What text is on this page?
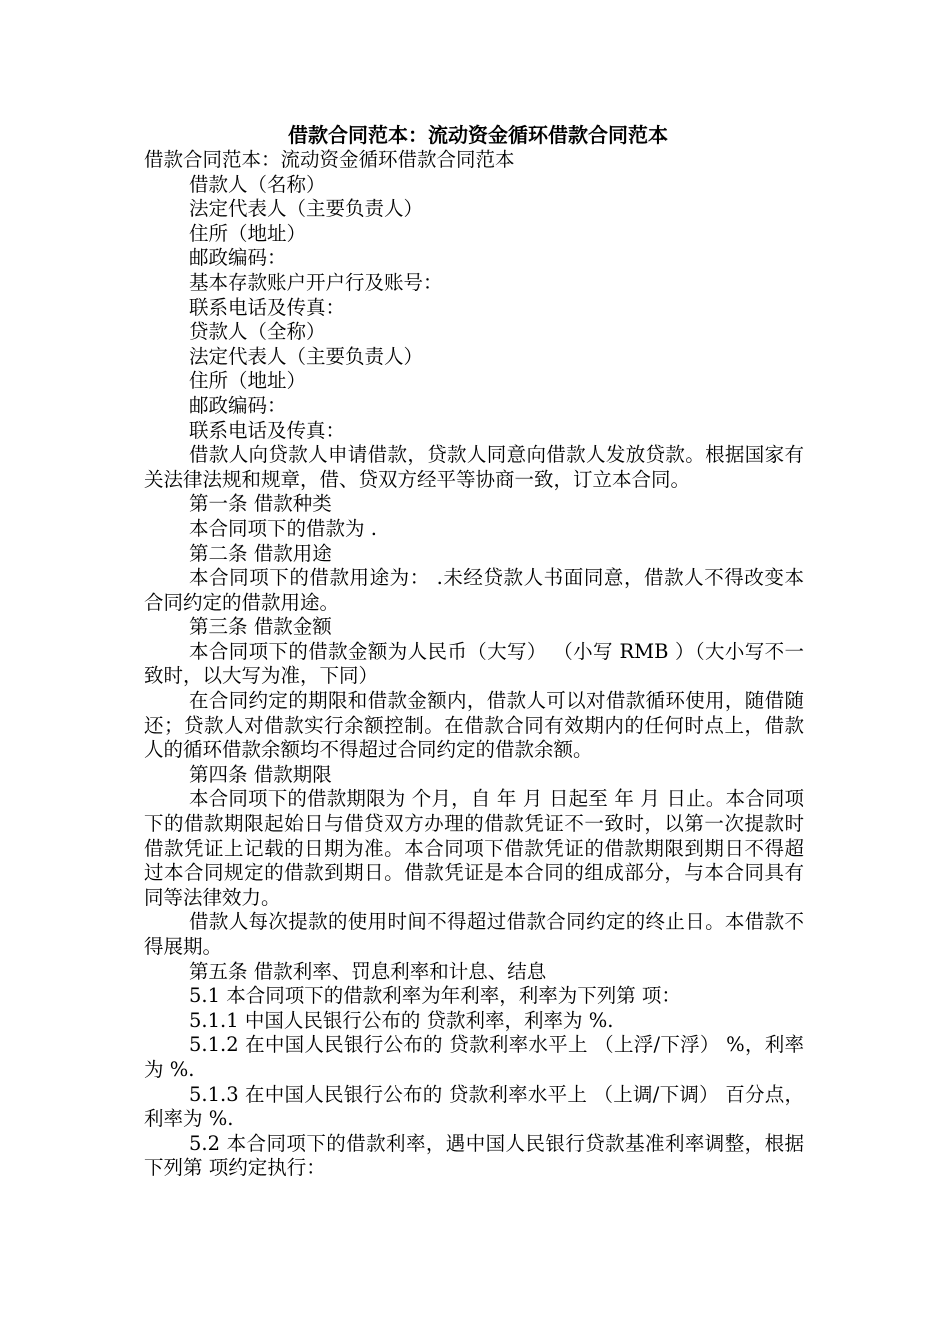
借款合同范本：流动资金循环借款合同范本

借款合同范本：流动资金循环借款合同范本

借款人（名称）

法定代表人（主要负责人）

住所（地址）

邮政编码：

基本存款账户开户行及账号：

联系电话及传真：

贷款人（全称）

法定代表人（主要负责人）

住所（地址）

邮政编码：

联系电话及传真：

借款人向贷款人申请借款，贷款人同意向借款人发放贷款。根据国家有关法律法规和规章，借、贷双方经平等协商一致，订立本合同。

第一条 借款种类

本合同项下的借款为 .

第二条 借款用途

本合同项下的借款用途为： .未经贷款人书面同意，借款人不得改变本合同约定的借款用途。

第三条 借款金额

本合同项下的借款金额为人民币（大写） （小写 RMB ）（大小写不一致时，以大写为准，下同）

在合同约定的期限和借款金额内，借款人可以对借款循环使用，随借随还；贷款人对借款实行余额控制。在借款合同有效期内的任何时点上，借款人的循环借款余额均不得超过合同约定的借款余额。

第四条 借款期限

本合同项下的借款期限为 个月，自 年 月 日起至 年 月 日止。本合同项下的借款期限起始日与借贷双方办理的借款凭证不一致时，以第一次提款时借款凭证上记载的日期为准。本合同项下借款凭证的借款期限到期日不得超过本合同规定的借款到期日。借款凭证是本合同的组成部分，与本合同具有同等法律效力。

借款人每次提款的使用时间不得超过借款合同约定的终止日。本借款不得展期。

第五条 借款利率、罚息利率和计息、结息

5.1 本合同项下的借款利率为年利率，利率为下列第 项：

5.1.1 中国人民银行公布的 贷款利率，利率为 %.

5.1.2 在中国人民银行公布的 贷款利率水平上 （上浮/下浮） %，利率为 %.

5.1.3 在中国人民银行公布的 贷款利率水平上 （上调/下调） 百分点，利率为 %.

5.2 本合同项下的借款利率，遇中国人民银行贷款基准利率调整，根据下列第 项约定执行：
